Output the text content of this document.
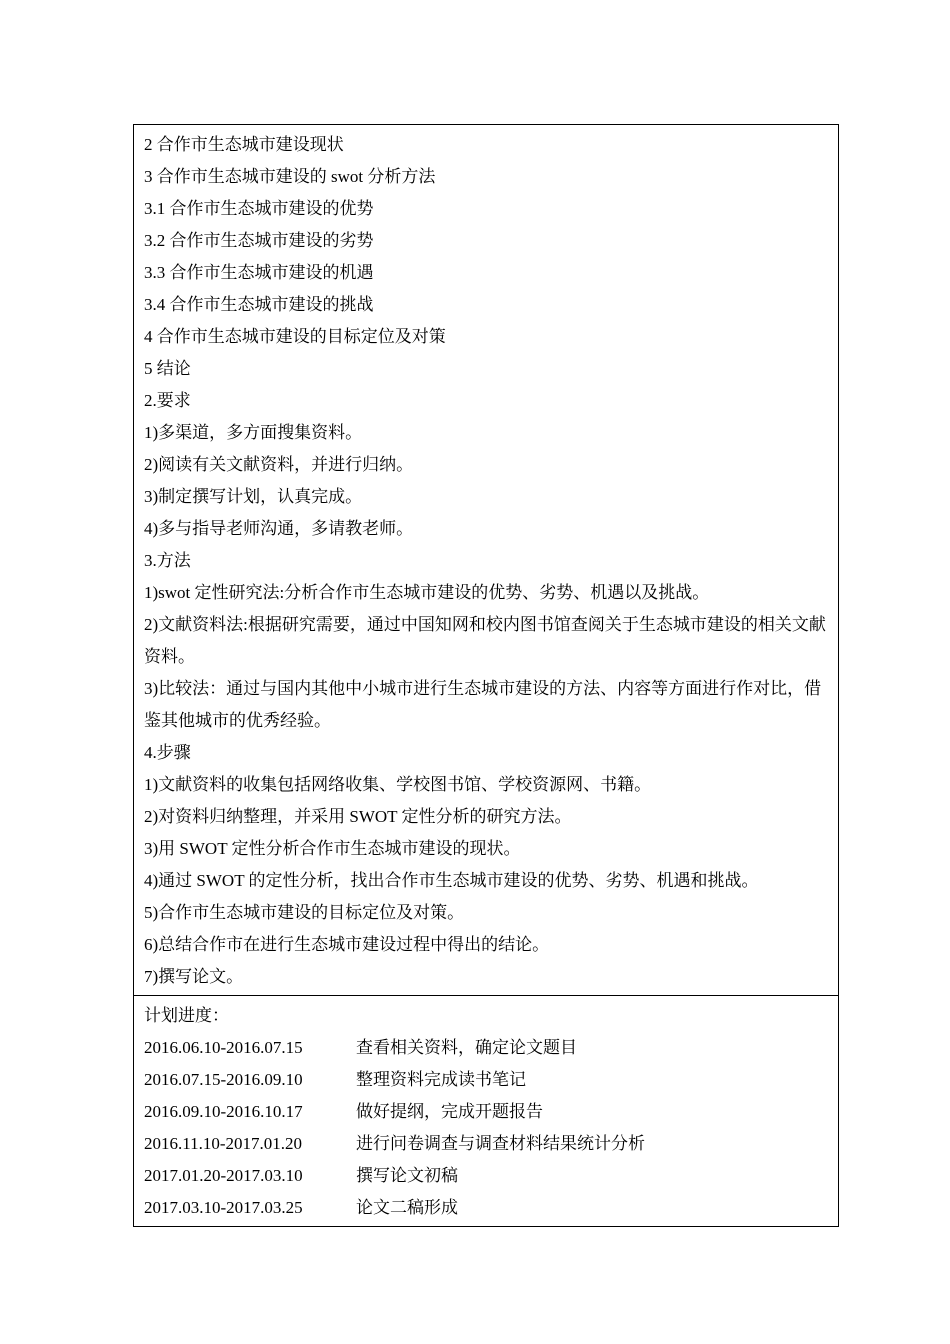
2 合作市生态城市建设现状
3 合作市生态城市建设的 swot 分析方法
3.1 合作市生态城市建设的优势
3.2 合作市生态城市建设的劣势
3.3 合作市生态城市建设的机遇
3.4 合作市生态城市建设的挑战
4 合作市生态城市建设的目标定位及对策
5 结论
2.要求
1)多渠道，多方面搜集资料。
2)阅读有关文献资料，并进行归纳。
3)制定撰写计划，认真完成。
4)多与指导老师沟通，多请教老师。
3.方法
1)swot 定性研究法:分析合作市生态城市建设的优势、劣势、机遇以及挑战。
2)文献资料法:根据研究需要，通过中国知网和校内图书馆查阅关于生态城市建设的相关文献资料。
3)比较法：通过与国内其他中小城市进行生态城市建设的方法、内容等方面进行作对比，借鉴其他城市的优秀经验。
4.步骤
1)文献资料的收集包括网络收集、学校图书馆、学校资源网、书籍。
2)对资料归纳整理，并采用 SWOT 定性分析的研究方法。
3)用 SWOT 定性分析合作市生态城市建设的现状。
4)通过 SWOT 的定性分析，找出合作市生态城市建设的优势、劣势、机遇和挑战。
5)合作市生态城市建设的目标定位及对策。
6)总结合作市在进行生态城市建设过程中得出的结论。
7)撰写论文。
计划进度：
2016.06.10-2016.07.15	查看相关资料，确定论文题目
2016.07.15-2016.09.10	整理资料完成读书笔记
2016.09.10-2016.10.17	做好提纲，完成开题报告
2016.11.10-2017.01.20	进行问卷调查与调查材料结果统计分析
2017.01.20-2017.03.10	撰写论文初稿
2017.03.10-2017.03.25	论文二稿形成
